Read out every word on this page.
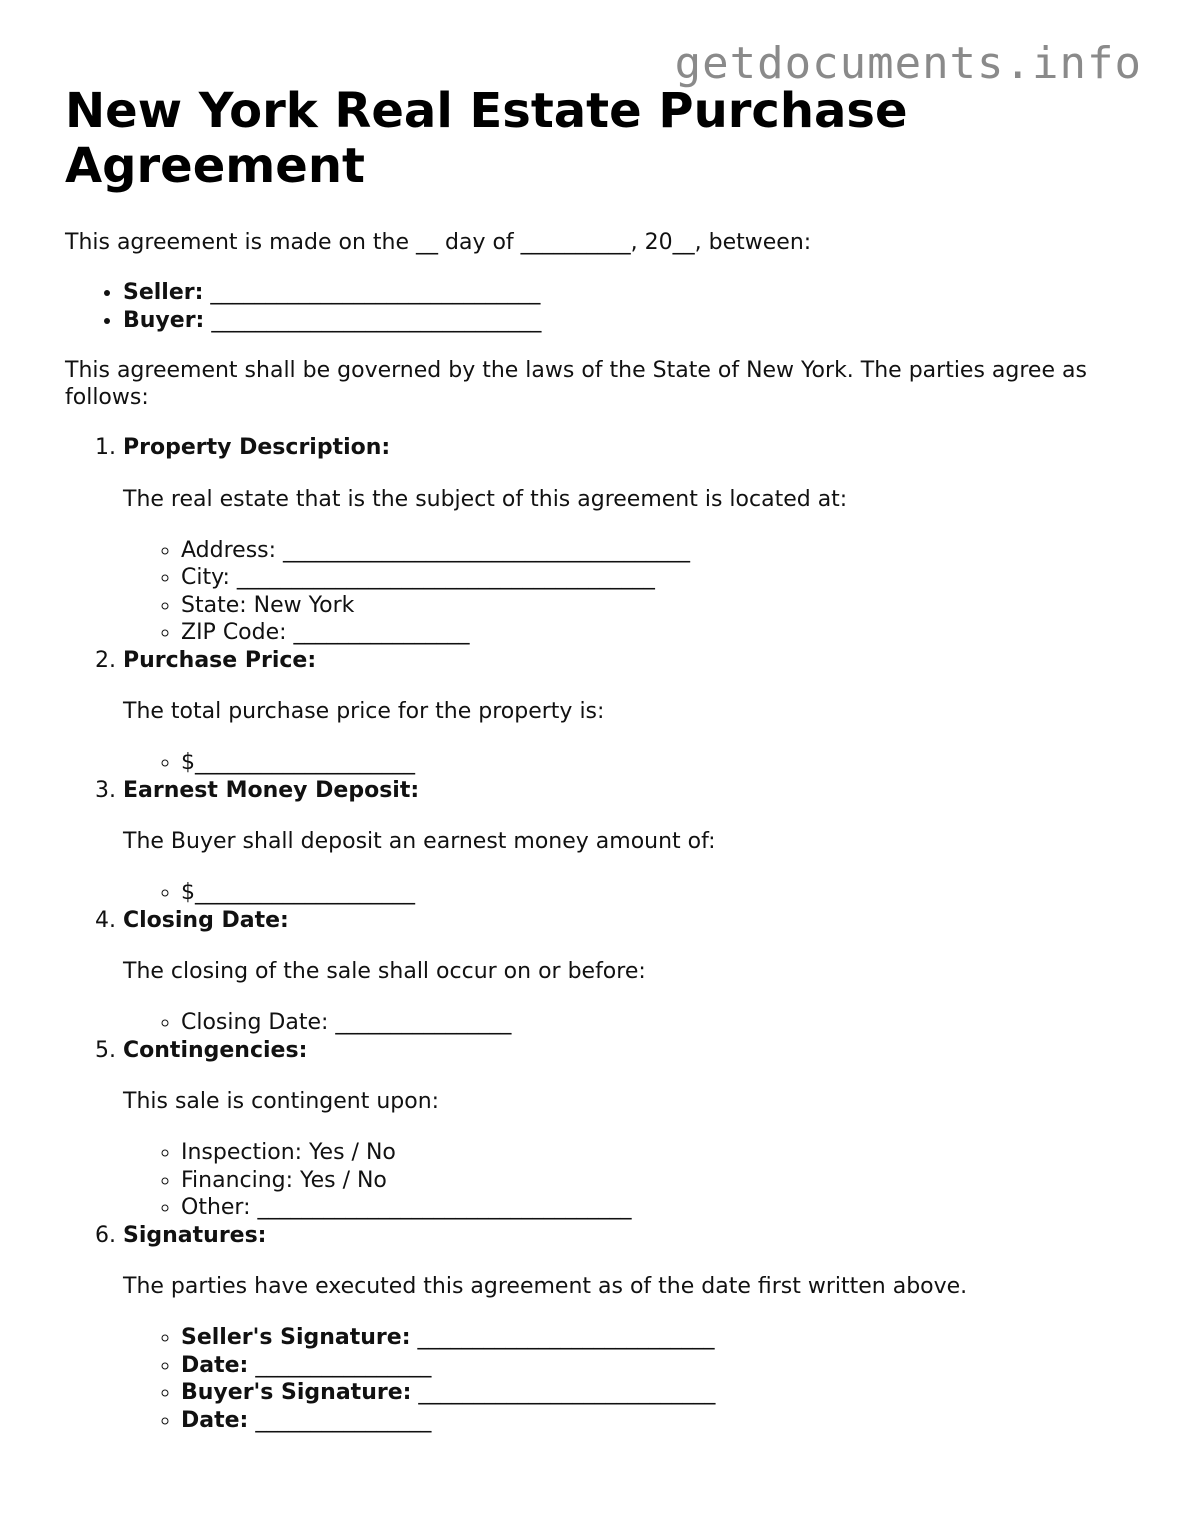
getdocuments.info
New York Real Estate Purchase Agreement

This agreement is made on the __ day of __________, 20__, between:

• Seller: ______________________________
• Buyer: ______________________________

This agreement shall be governed by the laws of the State of New York. The parties agree as follows:

1. Property Description:

The real estate that is the subject of this agreement is located at:

◦ Address: _____________________________________
◦ City: ______________________________________
◦ State: New York
◦ ZIP Code: ________________
2. Purchase Price:

The total purchase price for the property is:

◦ $____________________
3. Earnest Money Deposit:

The Buyer shall deposit an earnest money amount of:

◦ $____________________
4. Closing Date:

The closing of the sale shall occur on or before:

◦ Closing Date: ________________
5. Contingencies:

This sale is contingent upon:

◦ Inspection: Yes / No
◦ Financing: Yes / No
◦ Other: __________________________________
6. Signatures:

The parties have executed this agreement as of the date first written above.

◦ Seller's Signature: ___________________________
◦ Date: ________________
◦ Buyer's Signature: ___________________________
◦ Date: ________________
